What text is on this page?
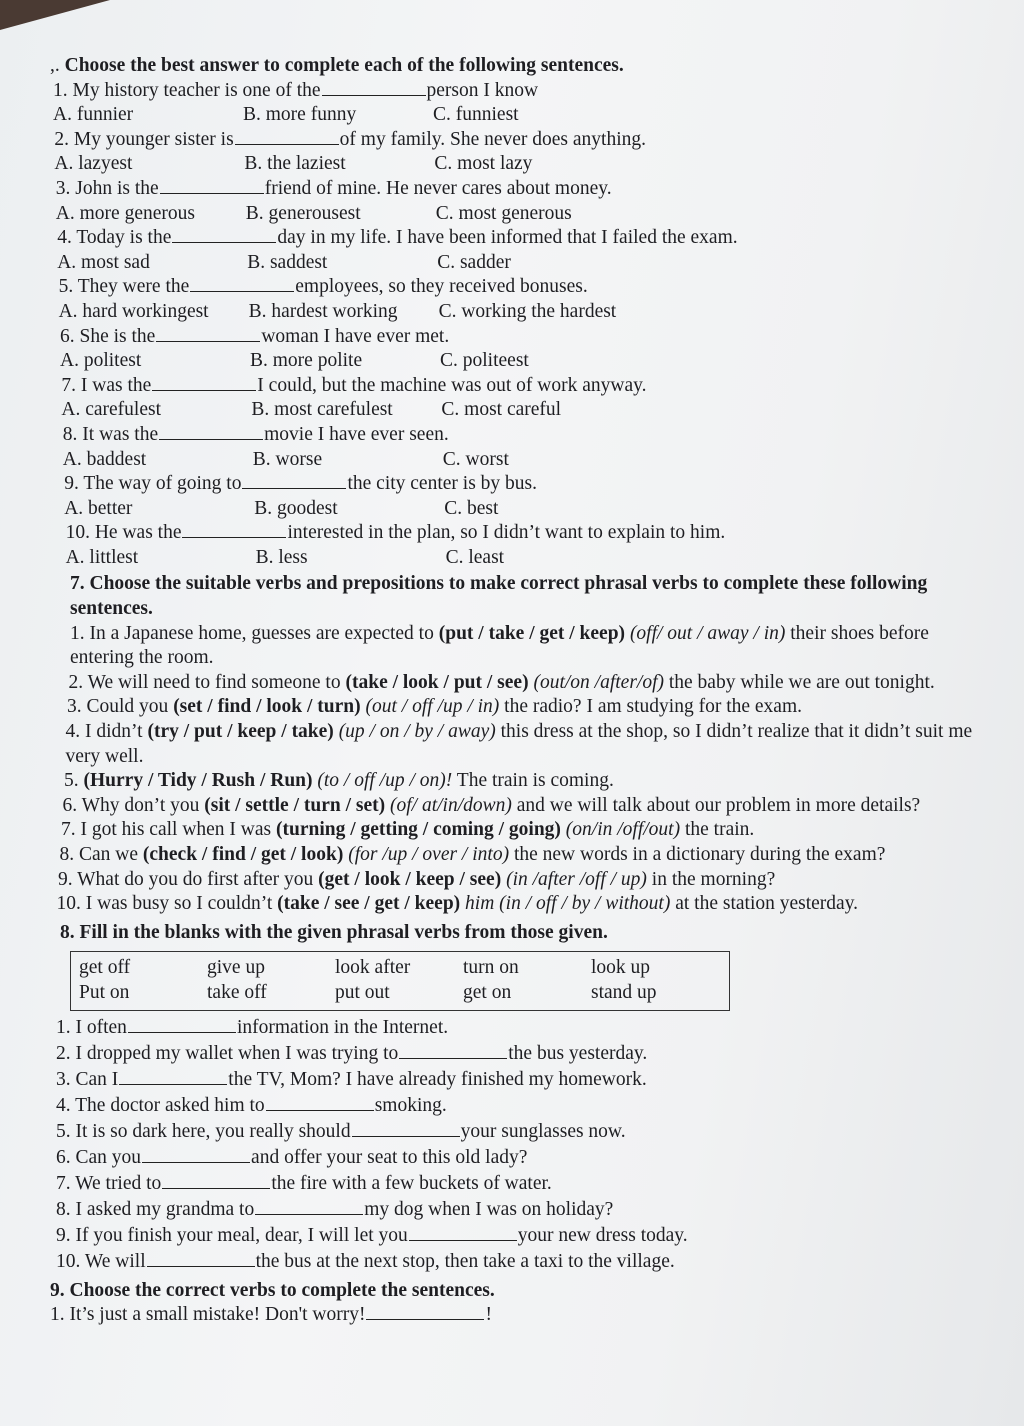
,. Choose the best answer to complete each of the following sentences.
1. My history teacher is one of the	person I know
A. funnier	B. more funny	C. funniest
2. My younger sister is	of my family. She never does anything.
A. lazyest	B. the laziest	C. most lazy
3. John is the	friend of mine. He never cares about money.
A. more generous	B. generousest	C. most generous
4. Today is the	day in my life. I have been informed that I failed the exam.
A. most sad	B. saddest	C. sadder
5. They were the	employees, so they received bonuses.
A. hard workingest	B. hardest working	C. working the hardest
6. She is the	woman I have ever met.
A. politest	B. more polite	C. politeest
7. I was the	I could, but the machine was out of work anyway.
A. carefulest	B. most carefulest	C. most careful
8. It was the	movie I have ever seen.
A. baddest	B. worse	C. worst
9. The way of going to	the city center is by bus.
A. better	B. goodest	C. best
10. He was the	interested in the plan, so I didn’t want to explain to him.
A. littlest	B. less	C. least
7. Choose the suitable verbs and prepositions to make correct phrasal verbs to complete these following sentences.
1. In a Japanese home, guesses are expected to (put / take / get / keep) (off/ out / away / in) their shoes before entering the room.
2. We will need to find someone to (take / look / put / see) (out/on /after/of) the baby while we are out tonight.
3. Could you (set / find / look / turn) (out / off /up / in) the radio? I am studying for the exam.
4. I didn’t (try / put / keep / take) (up / on / by / away) this dress at the shop, so I didn’t realize that it didn’t suit me very well.
5. (Hurry / Tidy / Rush / Run) (to / off /up / on)! The train is coming.
6. Why don’t you (sit / settle / turn / set) (of/ at/in/down) and we will talk about our problem in more details?
7. I got his call when I was (turning / getting / coming / going) (on/in /off/out) the train.
8. Can we (check / find / get / look) (for /up / over / into) the new words in a dictionary during the exam?
9. What do you do first after you (get / look / keep / see) (in /after /off / up) in the morning?
10. I was busy so I couldn’t (take / see / get / keep) him (in / off / by / without) at the station yesterday.
8. Fill in the blanks with the given phrasal verbs from those given.
get off	give up	look after	turn on	look up
Put on	take off	put out	get on	stand up
1. I often	information in the Internet.
2. I dropped my wallet when I was trying to	the bus yesterday.
3. Can I	the TV, Mom? I have already finished my homework.
4. The doctor asked him to	smoking.
5. It is so dark here, you really should	your sunglasses now.
6. Can you	and offer your seat to this old lady?
7. We tried to	the fire with a few buckets of water.
8. I asked my grandma to	my dog when I was on holiday?
9. If you finish your meal, dear, I will let you	your new dress today.
10. We will	the bus at the next stop, then take a taxi to the village.
9. Choose the correct verbs to complete the sentences.
1. It’s just a small mistake! Don't worry!	!
